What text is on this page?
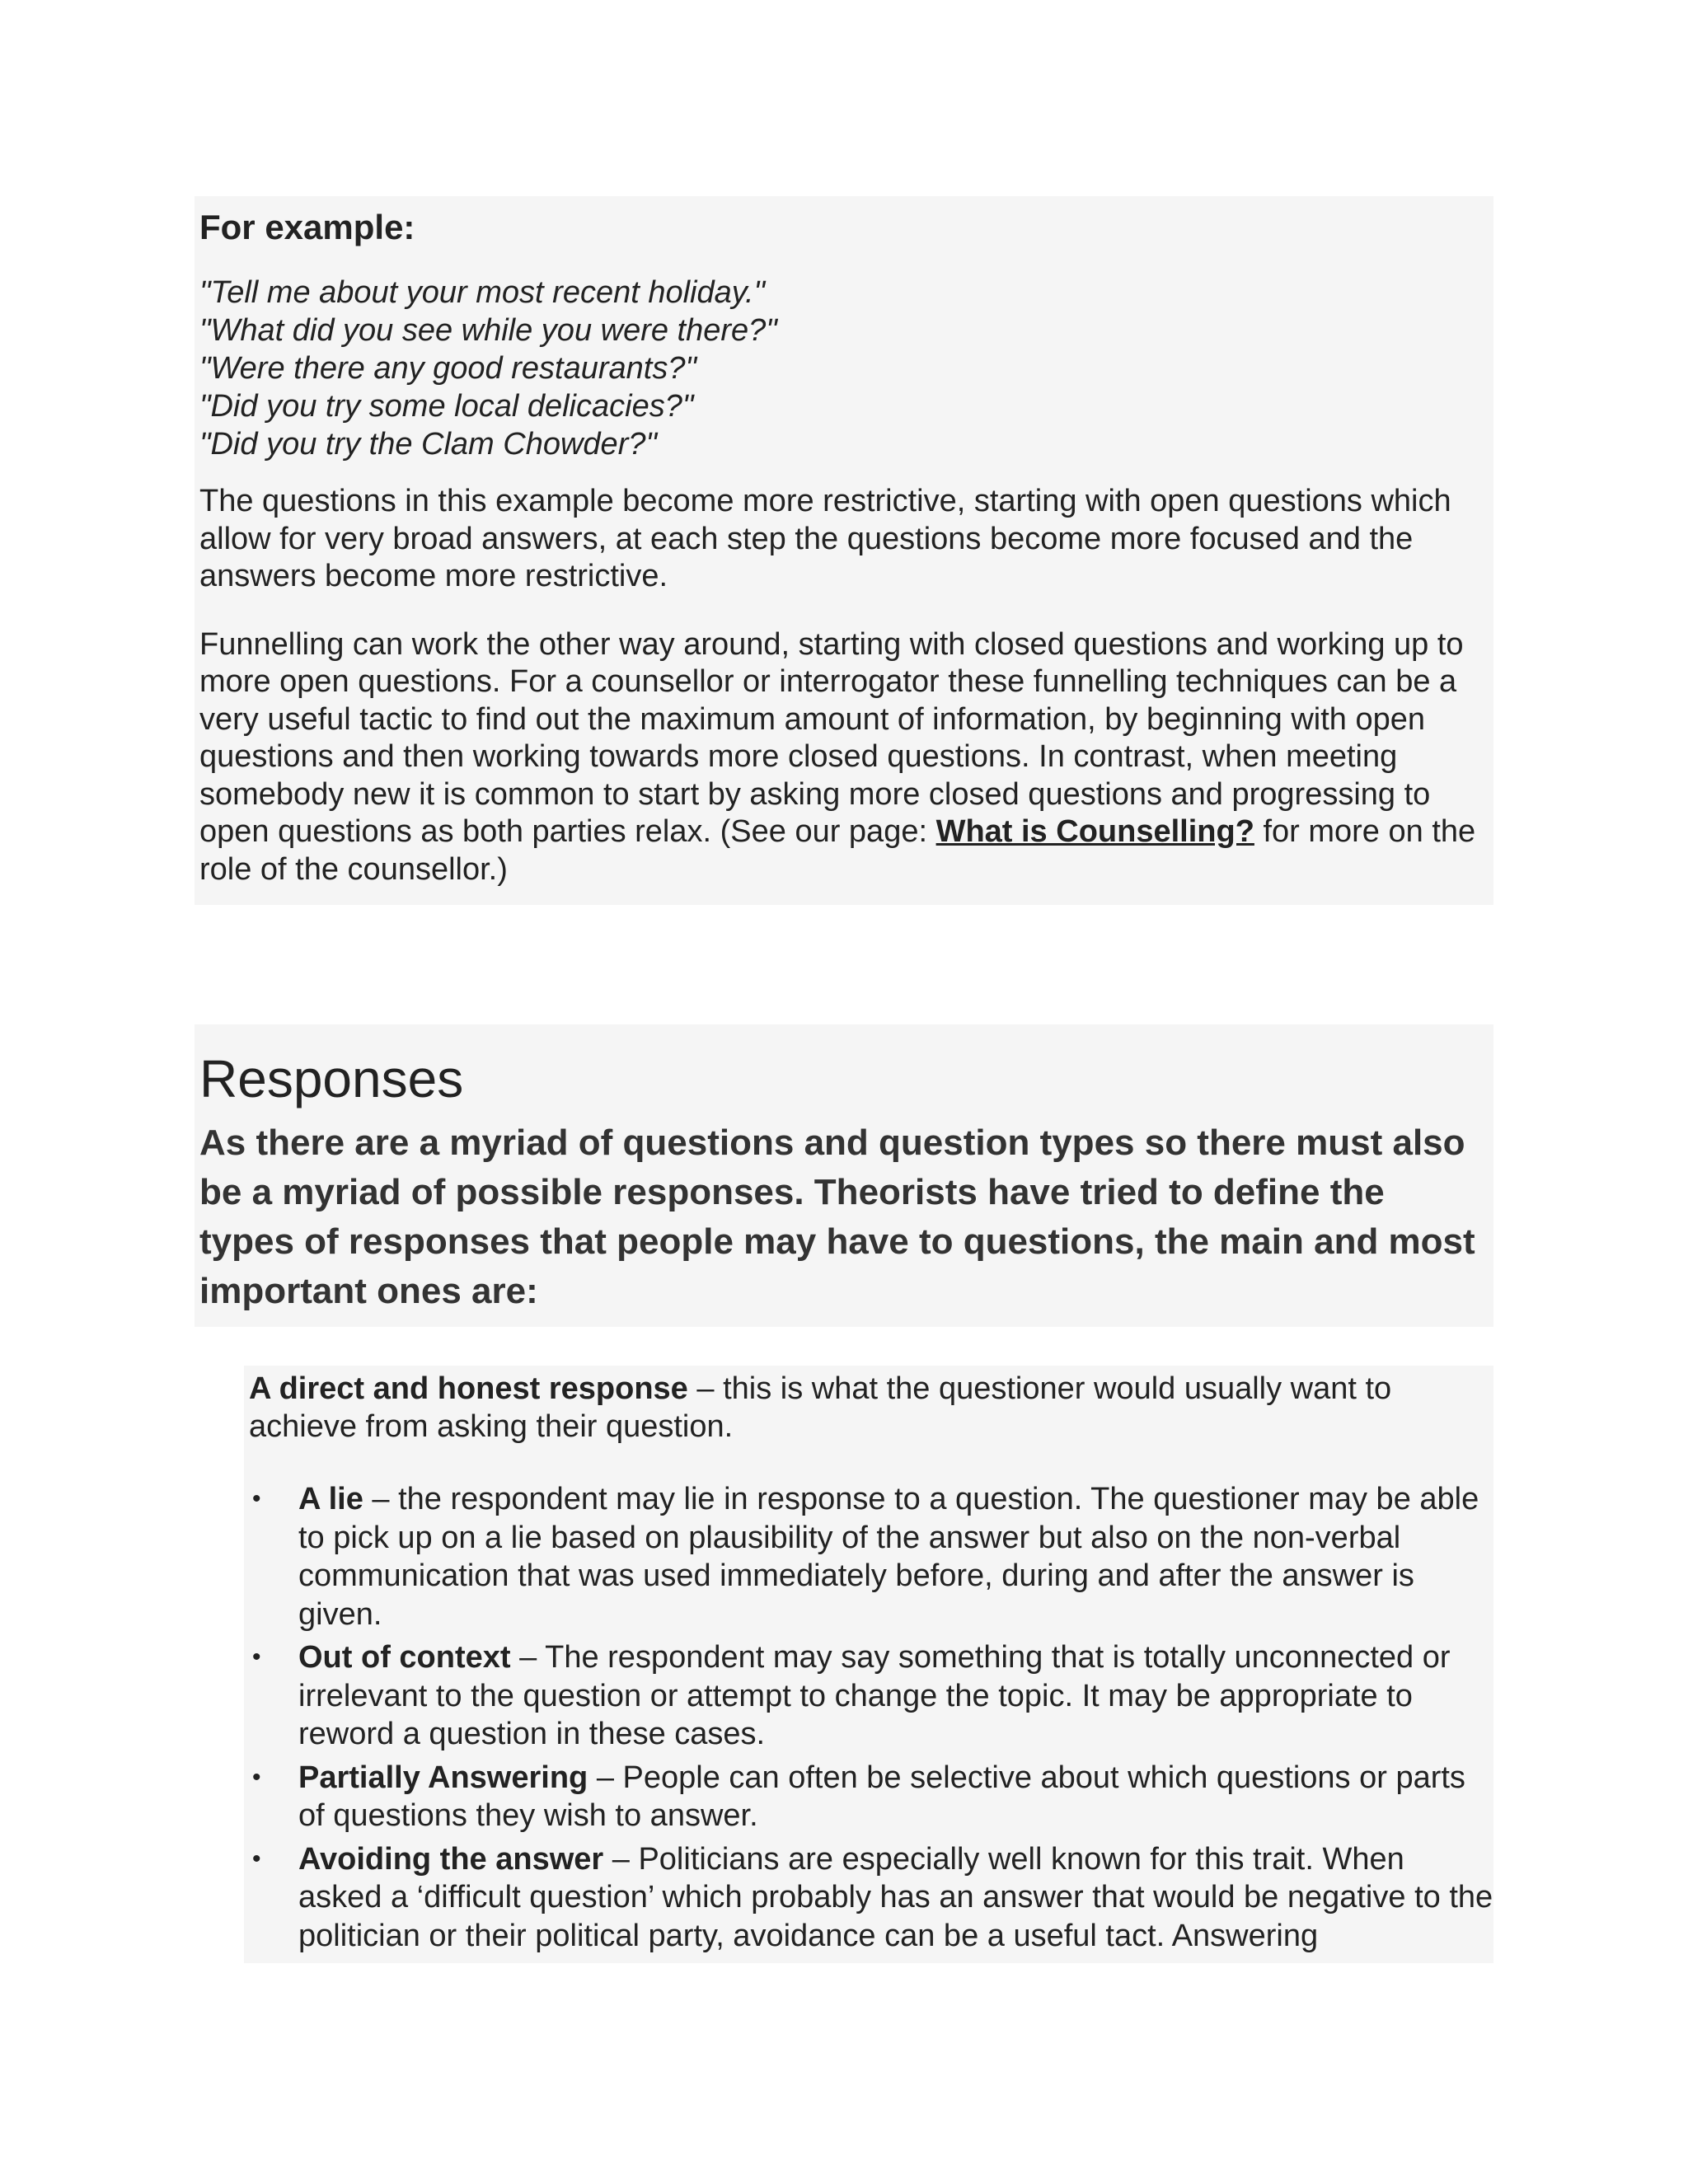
For example:
"Tell me about your most recent holiday."
"What did you see while you were there?"
"Were there any good restaurants?"
"Did you try some local delicacies?"
"Did you try the Clam Chowder?"

The questions in this example become more restrictive, starting with open questions which allow for very broad answers, at each step the questions become more focused and the answers become more restrictive.

Funnelling can work the other way around, starting with closed questions and working up to more open questions. For a counsellor or interrogator these funnelling techniques can be a very useful tactic to find out the maximum amount of information, by beginning with open questions and then working towards more closed questions. In contrast, when meeting somebody new it is common to start by asking more closed questions and progressing to open questions as both parties relax. (See our page: What is Counselling? for more on the role of the counsellor.)

Responses

As there are a myriad of questions and question types so there must also be a myriad of possible responses. Theorists have tried to define the types of responses that people may have to questions, the main and most important ones are:

A direct and honest response – this is what the questioner would usually want to achieve from asking their question.

• A lie – the respondent may lie in response to a question. The questioner may be able to pick up on a lie based on plausibility of the answer but also on the non-verbal communication that was used immediately before, during and after the answer is given.
• Out of context – The respondent may say something that is totally unconnected or irrelevant to the question or attempt to change the topic. It may be appropriate to reword a question in these cases.
• Partially Answering – People can often be selective about which questions or parts of questions they wish to answer.
• Avoiding the answer – Politicians are especially well known for this trait. When asked a ‘difficult question’ which probably has an answer that would be negative to the politician or their political party, avoidance can be a useful tact. Answering
